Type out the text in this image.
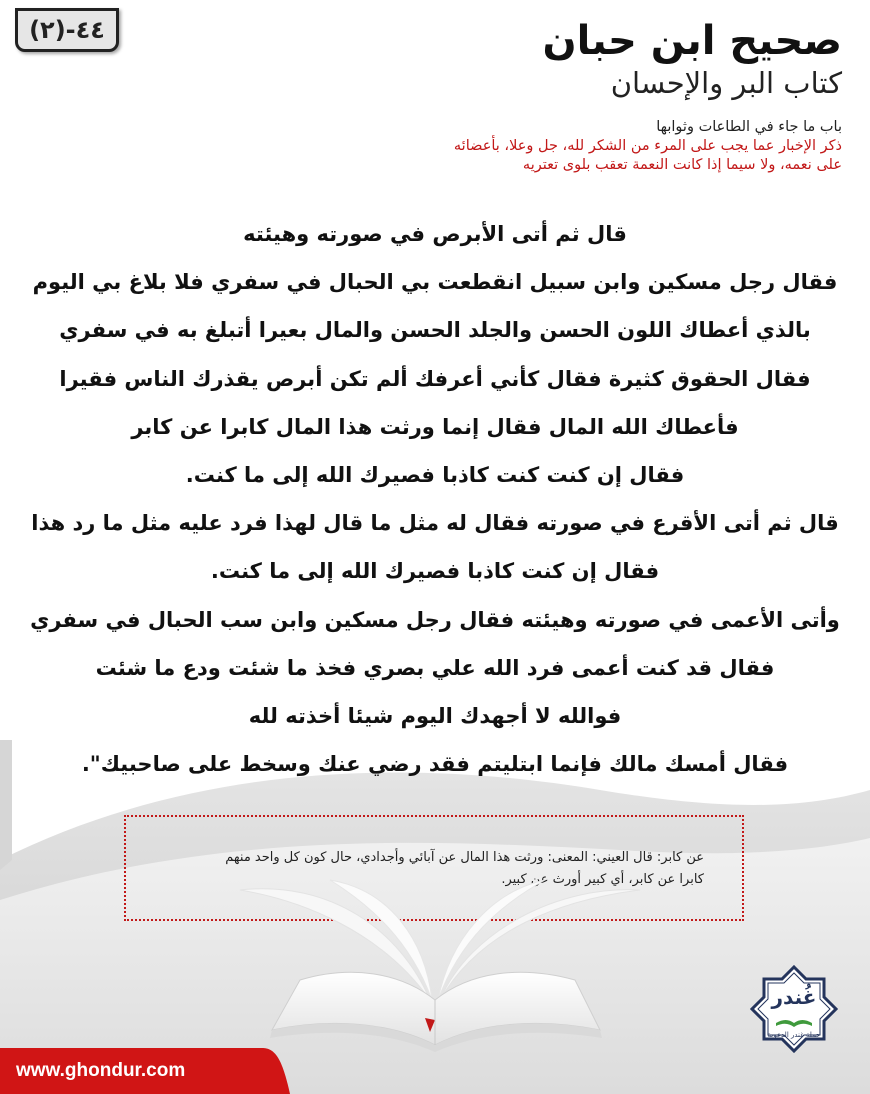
٤٤-(٢)	صحيح ابن حبان
كتاب البر والإحسان
باب ما جاء في الطاعات وثوابها
ذكر الإخبار عما يجب على المرء من الشكر لله، جل وعلا، بأعضائه
على نعمه، ولا سيما إذا كانت النعمة تعقب بلوى تعتريه
قال ثم أتى الأبرص في صورته وهيئته
فقال رجل مسكين وابن سبيل انقطعت بي الحبال في سفري فلا بلاغ بي اليوم
بالذي أعطاك اللون الحسن والجلد الحسن والمال بعيرا أتبلغ به في سفري
فقال الحقوق كثيرة فقال كأني أعرفك ألم تكن أبرص يقذرك الناس فقيرا
فأعطاك الله المال فقال إنما ورثت هذا المال كابرا عن كابر
فقال إن كنت كنت كاذبا فصيرك الله إلى ما كنت.
قال ثم أتى الأقرع في صورته فقال له مثل ما قال لهذا فرد عليه مثل ما رد هذا
فقال إن كنت كاذبا فصيرك الله إلى ما كنت.
وأتى الأعمى في صورته وهيئته فقال رجل مسكين وابن سب الحبال في سفري
فقال قد كنت أعمى فرد الله علي بصري فخذ ما شئت ودع ما شئت
فوالله لا أجهدك اليوم شيئا أخذته لله
فقال أمسك مالك فإنما ابتليتم فقد رضي عنك وسخط على صاحبيك".
عن كابر: قال العيني: المعنى: ورثت هذا المال عن آبائي وأجدادي، حال كون كل واحد منهم
كابرا عن كابر، أي كبير أورث عن كبير.
غُندر
حملة غندر الدعوية
www.ghondur.com
